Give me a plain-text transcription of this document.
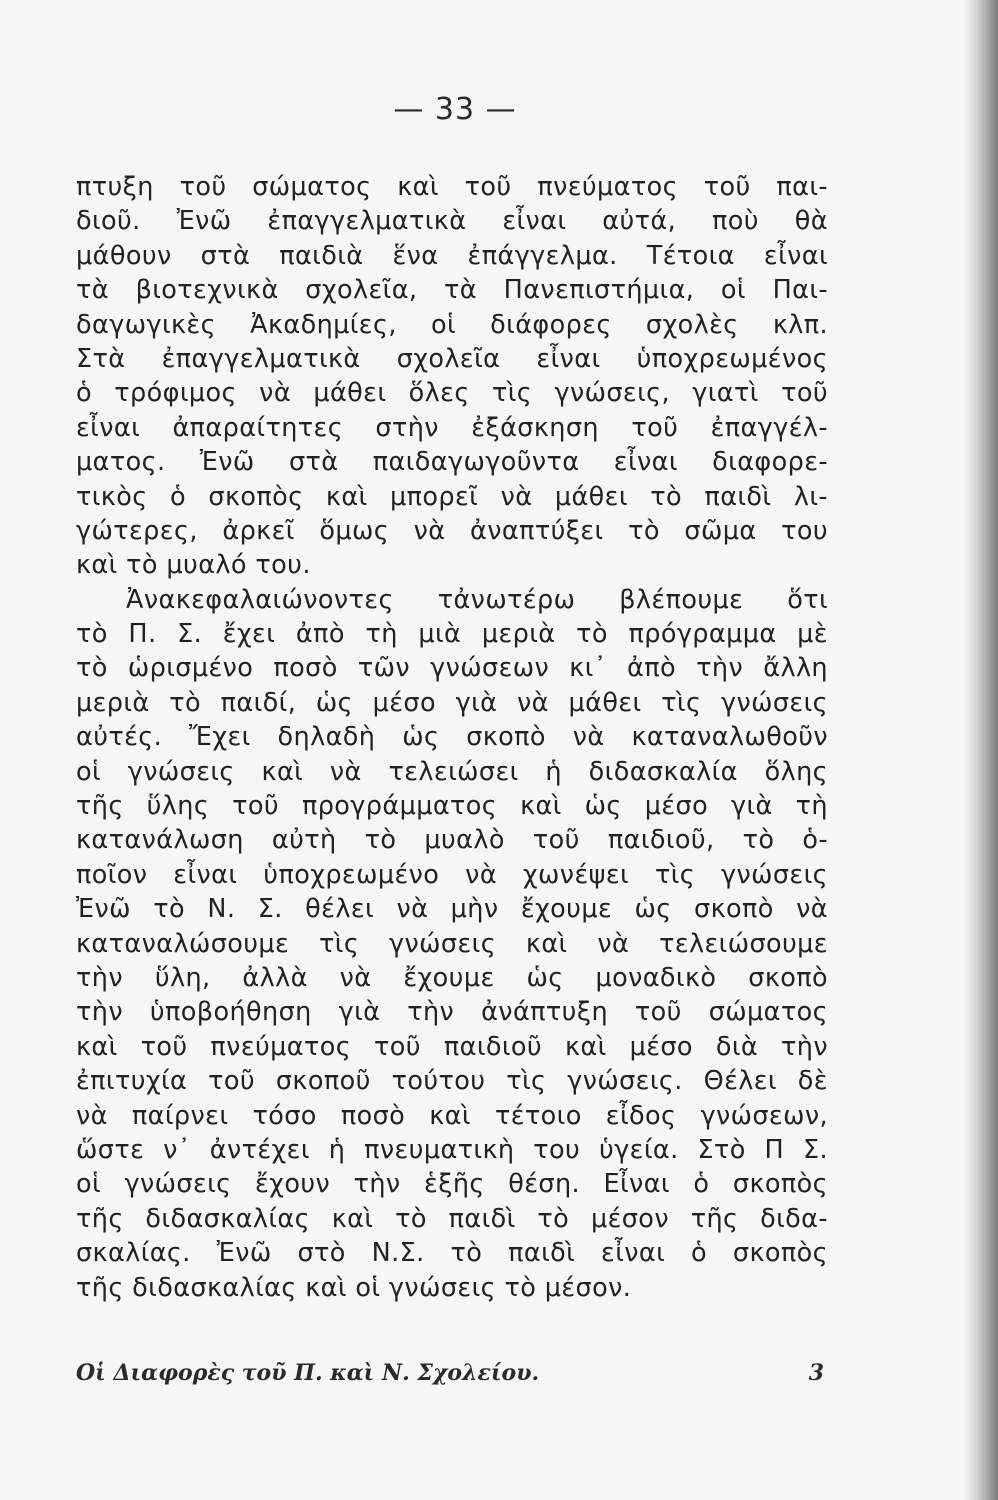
— 33 —
πτυξη τοῦ σώματος καὶ τοῦ πνεύματος τοῦ παι-
διοῦ. Ἐνῶ ἐπαγγελματικὰ εἶναι αὐτά, ποὺ θὰ
μάθουν στὰ παιδιὰ ἕνα ἐπάγγελμα. Τέτοια εἶναι
τὰ βιοτεχνικὰ σχολεῖα, τὰ Πανεπιστήμια, οἱ Παι-
δαγωγικὲς Ἀκαδημίες, οἱ διάφορες σχολὲς κλπ.
Στὰ ἐπαγγελματικὰ σχολεῖα εἶναι ὑποχρεωμένος
ὁ τρόφιμος νὰ μάθει ὅλες τὶς γνώσεις, γιατὶ τοῦ
εἶναι ἀπαραίτητες στὴν ἐξάσκηση τοῦ ἐπαγγέλ-
ματος. Ἐνῶ στὰ παιδαγωγοῦντα εἶναι διαφορε-
τικὸς ὁ σκοπὸς καὶ μπορεῖ νὰ μάθει τὸ παιδὶ λι-
γώτερες, ἀρκεῖ ὅμως νὰ ἀναπτύξει τὸ σῶμα του
καὶ τὸ μυαλό του.
Ἀνακεφαλαιώνοντες τἀνωτέρω βλέπουμε ὅτι
τὸ Π. Σ. ἔχει ἀπὸ τὴ μιὰ μεριὰ τὸ πρόγραμμα μὲ
τὸ ὡρισμένο ποσὸ τῶν γνώσεων κι᾿ ἀπὸ τὴν ἄλλη
μεριὰ τὸ παιδί, ὡς μέσο γιὰ νὰ μάθει τὶς γνώσεις
αὐτές. Ἔχει δηλαδὴ ὡς σκοπὸ νὰ καταναλωθοῦν
οἱ γνώσεις καὶ νὰ τελειώσει ἡ διδασκαλία ὅλης
τῆς ὕλης τοῦ προγράμματος καὶ ὡς μέσο γιὰ τὴ
κατανάλωση αὐτὴ τὸ μυαλὸ τοῦ παιδιοῦ, τὸ ὁ-
ποῖον εἶναι ὑποχρεωμένο νὰ χωνέψει τὶς γνώσεις
Ἐνῶ τὸ Ν. Σ. θέλει νὰ μὴν ἔχουμε ὡς σκοπὸ νὰ
καταναλώσουμε τὶς γνώσεις καὶ νὰ τελειώσουμε
τὴν ὕλη, ἀλλὰ νὰ ἔχουμε ὡς μοναδικὸ σκοπὸ
τὴν ὑποβοήθηση γιὰ τὴν ἀνάπτυξη τοῦ σώματος
καὶ τοῦ πνεύματος τοῦ παιδιοῦ καὶ μέσο διὰ τὴν
ἐπιτυχία τοῦ σκοποῦ τούτου τὶς γνώσεις. Θέλει δὲ
νὰ παίρνει τόσο ποσὸ καὶ τέτοιο εἶδος γνώσεων,
ὥστε ν᾿ ἀντέχει ἡ πνευματικὴ του ὑγεία. Στὸ Π Σ.
οἱ γνώσεις ἔχουν τὴν ἑξῆς θέση. Εἶναι ὁ σκοπὸς
τῆς διδασκαλίας καὶ τὸ παιδὶ τὸ μέσον τῆς διδα-
σκαλίας. Ἐνῶ στὸ Ν.Σ. τὸ παιδὶ εἶναι ὁ σκοπὸς
τῆς διδασκαλίας καὶ οἱ γνώσεις τὸ μέσον.
Οἱ Διαφορὲς τοῦ Π. καὶ Ν. Σχολείου.	3
